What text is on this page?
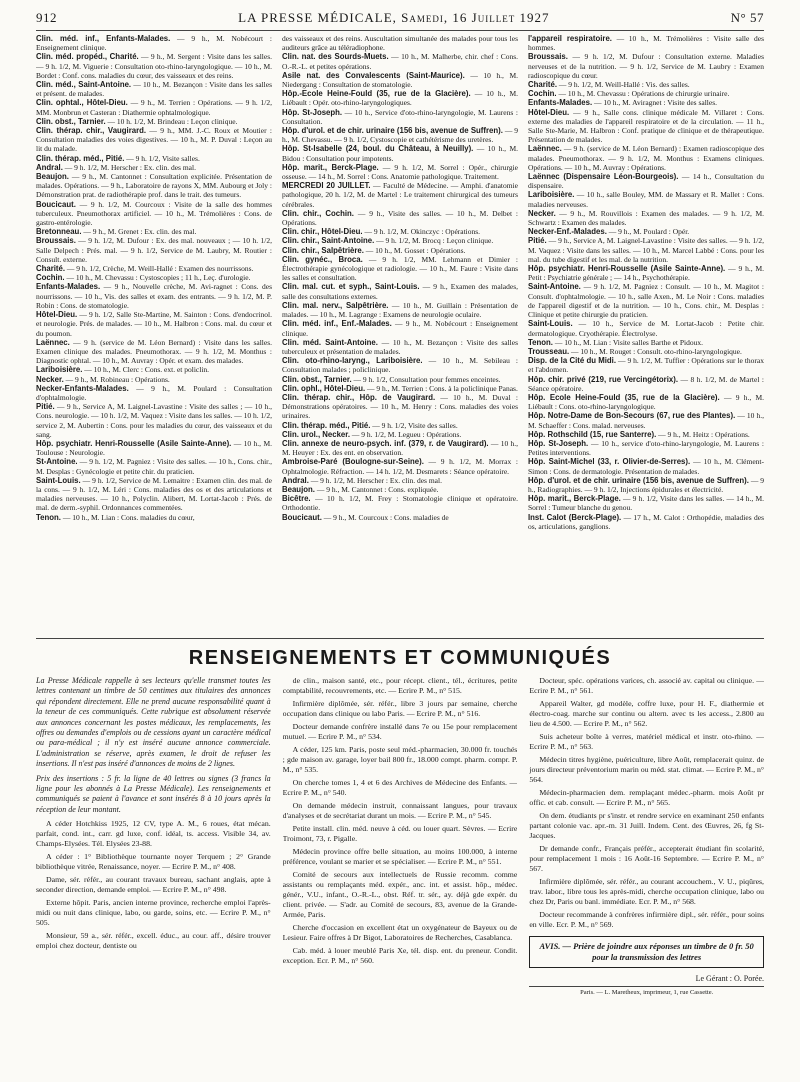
912	LA PRESSE MÉDICALE, Samedi, 16 Juillet 1927	N° 57

Clin. méd. inf., Enfants-Malades. — 9 h., M. Nobécourt : Enseignement clinique.

Clin. méd. propéd., Charité. — 9 h., M. Sergent : Visite dans les salles. — 9 h. 1/2, M. Viguerie : Consultation oto-rhino-laryngologique. — 10 h., M. Bordet : Conf. cons. maladies du cœur, des vaisseaux et des reins.

Clin. méd., Saint-Antoine. — 10 h., M. Bezançon : Visite dans les salles et présent. de malades.

Clin. ophtal., Hôtel-Dieu. — 9 h., M. Terrien : Opérations. — 9 h. 1/2, MM. Monbrun et Casteran : Diathermie ophtalmologique.

Clin. obst., Tarnier. — 10 h. 1/2, M. Brindeau : Leçon clinique.

Clin. thérap. chir., Vaugirard. — 9 h., MM. J.-C. Roux et Moutier : Consultation maladies des voies digestives. — 10 h., M. P. Duval : Leçon au lit du malade.

Clin. thérap. méd., Pitié. — 9 h. 1/2, Visite salles.

Andral. — 9 h. 1/2, M. Herscher : Ex. clin. des mal.

Beaujon. — 9 h., M. Cantonnet : Consultation explicitée. Présentation de malades. Opérations. — 9 h., Laboratoire de rayons X, MM. Aubourg et Joly : Démonstration prat. de radiothérapie prof. dans le trait. des tumeurs.

Boucicaut. — 9 h. 1/2, M. Courcoux : Visite de la salle des hommes tuberculeux. Pneumothorax artificiel. — 10 h., M. Trémolières : Cons. de gastro-entérologie.

Bretonneau. — 9 h., M. Grenet : Ex. clin. des mal.

Broussais. — 9 h. 1/2, M. Dufour : Ex. des mal. nouveaux ; — 10 h. 1/2, Salle Delpech : Prés. mal. — 9 h. 1/2, Service de M. Laubry, M. Routier : Consult. externe.

Charité. — 9 h. 1/2, Crèche, M. Weill-Hallé : Examen des nourrissons.

Cochin. — 10 h., M. Chevassu : Cystoscopies ; 11 h., Leç. d'urologie.

Enfants-Malades. — 9 h., Nouvelle crèche, M. Avi-ragnet : Cons. des nourrissons. — 10 h., Vis. des salles et exam. des entrants. — 9 h. 1/2, M. P. Robin : Cons. de stomatologie.

Hôtel-Dieu. — 9 h. 1/2, Salle Ste-Martine, M. Sainton : Cons. d'endocrinol. et neurologie. Prés. de malades. — 10 h., M. Halbron : Cons. mal. du cœur et du poumon.

Laënnec. — 9 h. (service de M. Léon Bernard) : Visite dans les salles. Examen clinique des malades. Pneumothorax. — 9 h. 1/2, M. Monthus : Diagnostic ophtal. — 10 h., M. Auvray : Opér. et exam. des malades.

Lariboisière. — 10 h., M. Clerc : Cons. ext. et policlin.

Necker. — 9 h., M. Robineau : Opérations.

Necker-Enfants-Malades. — 9 h., M. Poulard : Consultation d'ophtalmologie.

Pitié. — 9 h., Service A, M. Laignel-Lavastine : Visite des salles ; — 10 h., Cons. neurologie. — 10 h. 1/2, M. Vaquez : Visite dans les salles. — 10 h. 1/2, service 2, M. Aubertin : Cons. pour les maladies du cœur, des vaisseaux et du sang.

Hôp. psychiatr. Henri-Rousselle (Asile Sainte-Anne). — 10 h., M. Toulouse : Neurologie.

St-Antoine. — 9 h. 1/2, M. Pagniez : Visite des salles. — 10 h., Cons. chir., M. Desplas : Gynécologie et petite chir. du praticien.

Saint-Louis. — 9 h. 1/2, Service de M. Lemaitre : Examen clin. des mal. de la cons. — 9 h. 1/2, M. Léri : Cons. maladies des os et des articulations et maladies nerveuses. — 10 h., Polyclin. Alibert, M. Lortat-Jacob : Prés. de mal. de derm.-syphil. Ordonnances commentées.

Tenon. — 10 h., M. Lian : Cons. maladies du cœur,

des vaisseaux et des reins. Auscultation simultanée des malades pour tous les auditeurs grâce au téléradiophone.

Clin. nat. des Sourds-Muets. — 10 h., M. Malherbe, chir. chef : Cons. O.-R.-L. et petites opérations.

Asile nat. des Convalescents (Saint-Maurice). — 10 h., M. Niedergang : Consultation de stomatologie.

Hôp.-Ecole Heine-Fould (35, rue de la Glacière). — 10 h., M. Liébault : Opér. oto-rhino-laryngologiques.

Hôp. St-Joseph. — 10 h., Service d'oto-rhino-laryngologie, M. Laurens : Consultation.

Hôp. d'urol. et de chir. urinaire (156 bis, avenue de Suffren). — 9 h., M. Chevassu. — 9 h. 1/2, Cystoscopie et cathétérisme des uretères.

Hôp. St-Isabelle (24, boul. du Château, à Neuilly). — 10 h., M. Bidou : Consultation pour impotents.

Hôp. marit., Berck-Plage. — 9 h. 1/2, M. Sorrel : Opér., chirurgie osseuse. — 14 h., M. Sorrel : Cons. Anatomie pathologique. Traitement.

MERCREDI 20 JUILLET. — Faculté de Médecine. — Amphi. d'anatomie pathologique, 20 h. 1/2, M. de Martel : Le traitement chirurgical des tumeurs cérébrales.

Clin. chir., Cochin. — 9 h., Visite des salles. — 10 h., M. Delbet : Opérations.

Clin. chir., Hôtel-Dieu. — 9 h. 1/2, M. Okinczyc : Opérations.

Clin. chir., Saint-Antoine. — 9 h. 1/2, M. Brocq : Leçon clinique.

Clin. chir., Salpêtrière. — 10 h., M. Gosset : Opérations.

Clin. gynéc., Broca. — 9 h. 1/2, MM. Lehmann et Dimier : Électrothérapie gynécologique et radiologie. — 10 h., M. Faure : Visite dans les salles et consultation.

Clin. mal. cut. et syph., Saint-Louis. — 9 h., Examen des malades, salle des consultations externes.

Clin. mal. nerv., Salpêtrière. — 10 h., M. Guillain : Présentation de malades. — 10 h., M. Lagrange : Examens de neurologie oculaire.

Clin. méd. inf., Enf.-Malades. — 9 h., M. Nobécourt : Enseignement clinique.

Clin. méd. Saint-Antoine. — 10 h., M. Bezançon : Visite des salles tuberculeux et présentation de malades.

Clin. oto-rhino-laryng., Lariboisière. — 10 h., M. Sebileau : Consultation malades ; policlinique.

Clin. obst., Tarnier. — 9 h. 1/2, Consultation pour femmes enceintes.

Clin. ophl., Hôtel-Dieu. — 9 h., M. Terrien : Cons. à la policlinique Panas.

Clin. thérap. chir., Hôp. de Vaugirard. — 10 h., M. Duval : Démonstrations opératoires. — 10 h., M. Henry : Cons. maladies des voies urinaires.

Clin. thérap. méd., Pitié. — 9 h. 1/2, Visite des salles.

Clin. urol., Necker. — 9 h. 1/2, M. Legueu : Opérations.

Clin. annexe de neuro-psych. inf. (379, r. de Vaugirard). — 10 h., M. Heuyer : Ex. des ent. en observation.

Ambroise-Paré (Boulogne-sur-Seine). — 9 h. 1/2, M. Morrax : Ophtalmologie. Réfraction. — 14 h. 1/2, M. Desmarets : Séance opératoire.

Andral. — 9 h. 1/2, M. Herscher : Ex. clin. des mal.

Beaujon. — 9 h., M. Cantonnet : Cons. expliquée.

Bicêtre. — 10 h. 1/2, M. Frey : Stomatologie clinique et opératoire. Orthodontie.

Boucicaut. — 9 h., M. Courcoux : Cons. maladies de

l'appareil respiratoire. — 10 h., M. Trémolières : Visite salle des hommes.

Broussais. — 9 h. 1/2, M. Dufour : Consultation externe. Maladies nerveuses et de la nutrition. — 9 h. 1/2, Service de M. Laubry : Examen radioscopique du cœur.

Charité. — 9 h. 1/2, M. Weill-Hallé : Vis. des salles.

Cochin. — 10 h., M. Chevassu : Opérations de chirurgie urinaire.

Enfants-Malades. — 10 h., M. Aviragnet : Visite des salles.

Hôtel-Dieu. — 9 h., Salle cons. clinique médicale M. Villaret : Cons. externe des maladies de l'appareil respiratoire et de la circulation. — 11 h., Salle Ste-Marie, M. Halbron : Conf. pratique de clinique et de thérapeutique. Présentation de malades.

Laënnec. — 9 h. (service de M. Léon Bernard) : Examen radioscopique des malades. Pneumothorax. — 9 h. 1/2, M. Monthus : Examens cliniques. Opérations. — 10 h., M. Auvray : Opérations.

Laënnec (Dispensaire Léon-Bourgeois). — 14 h., Consultation du dispensaire.

Lariboisière. — 10 h., salle Bouley, MM. de Massary et R. Mallet : Cons. maladies nerveuses.

Necker. — 9 h., M. Rouvillois : Examen des malades. — 9 h. 1/2, M. Schwartz : Examen des malades.

Necker-Enf.-Malades. — 9 h., M. Poulard : Opér.

Pitié. — 9 h., Service A, M. Laignel-Lavastine : Visite des salles. — 9 h. 1/2, M. Vaquez : Visite dans les salles. — 10 h., M. Marcel Labbé : Cons. pour les mal. du tube digestif et les mal. de la nutrition.

Hôp. psychiatr. Henri-Rousselle (Asile Sainte-Anne). — 9 h., M. Petit : Psychiatrie générale ; — 14 h., Psychothérapie.

Saint-Antoine. — 9 h. 1/2, M. Pagniez : Consult. — 10 h., M. Magitot : Consult. d'ophtalmologie. — 10 h., salle Axen., M. Le Noir : Cons. maladies de l'appareil digestif et de la nutrition. — 10 h., Cons. chir., M. Desplas : Clinique et petite chirurgie du praticien.

Saint-Louis. — 10 h., Service de M. Lortat-Jacob : Petite chir. dermatologique. Cryothérapie. Électrolyse.

Tenon. — 10 h., M. Lian : Visite salles Barthe et Pidoux.

Trousseau. — 10 h., M. Rouget : Consult. oto-rhino-laryngologique.

Disp. de la Cité du Midi. — 9 h. 1/2, M. Tuffier : Opérations sur le thorax et l'abdomen.

Hôp. chir. privé (219, rue Vercingétorix). — 8 h. 1/2, M. de Martel : Séance opératoire.

Hôp. Ecole Heine-Fould (35, rue de la Glacière). — 9 h., M. Liébault : Cons. oto-rhino-laryngologique.

Hôp. Notre-Dame de Bon-Secours (67, rue des Plantes). — 10 h., M. Schaeffer : Cons. malad. nerveuses.

Hôp. Rothschild (15, rue Santerre). — 9 h., M. Heitz : Opérations.

Hôp. St-Joseph. — 10 h., service d'oto-rhino-laryngologie, M. Laurens : Petites interventions.

Hôp. Saint-Michel (33, r. Olivier-de-Serres). — 10 h., M. Clément-Simon : Cons. de dermatologie. Présentation de malades.

Hôp. d'urol. et de chir. urinaire (156 bis, avenue de Suffren). — 9 h., Radiographies. — 9 h. 1/2, Injections épidurales et électricité.

Hôp. marit., Berck-Plage. — 9 h. 1/2, Visite dans les salles. — 14 h., M. Sorrel : Tumeur blanche du genou.

Inst. Calot (Berck-Plage). — 17 h., M. Calot : Orthopédie, maladies des os, articulations, ganglions.

RENSEIGNEMENTS ET COMMUNIQUÉS

La Presse Médicale rappelle à ses lecteurs qu'elle transmet toutes les lettres contenant un timbre de 50 centimes aux titulaires des annonces qui répondent directement. Elle ne prend aucune responsabilité quant à la teneur de ces communiqués. Cette rubrique est absolument réservée aux annonces concernant les postes médicaux, les remplacements, les offres ou demandes d'emplois ou de cessions ayant un caractère médical ou para-médical ; il n'y est inséré aucune annonce commerciale. L'administration se réserve, après examen, le droit de refuser les insertions. Il n'est pas inséré d'annonces de moins de 2 lignes.

Prix des insertions : 5 fr. la ligne de 40 lettres ou signes (3 francs la ligne pour les abonnés à La Presse Médicale). Les renseignements et communiqués se paient à l'avance et sont insérés 8 à 10 jours après la réception de leur montant.

A céder Hotchkiss 1925, 12 CV, type A. M., 6 roues, état mécan. parfait, cond. int., carr. gd luxe, conf. idéal, ts. access. Visible 34, av. Champs-Elysées. Tél. Elysées 23-88.

A céder : 1° Bibliothèque tournante noyer Terquem ; 2° Grande bibliothèque vitrée, Renaissance, noyer. — Ecrire P. M., n° 408.

Dame, sér. référ., au courant travaux bureau, sachant anglais, apte à seconder direction, demande emploi. — Ecrire P. M., n° 498.

Externe hôpit. Paris, ancien interne province, recherche emploi l'après-midi ou nuit dans clinique, labo, ou garde, soins, etc. — Ecrire P. M., n° 505.

Monsieur, 59 a., sér. référ., excell. éduc., au cour. aff., désire trouver emploi chez docteur, dentiste ou

de clin., maison santé, etc., pour récept. client., tél., écritures, petite comptabilité, recouvrements, etc. — Ecrire P. M., n° 515.

Infirmière diplômée, sér. référ., libre 3 jours par semaine, cherche occupation dans clinique ou labo Paris. — Ecrire P. M., n° 516.

Docteur demande confrère installé dans 7e ou 15e pour remplacement mutuel. — Ecrire P. M., n° 534.

A céder, 125 km. Paris, poste seul méd.-pharmacien, 30.000 fr. touchés ; gde maison av. garage, loyer bail 800 fr., 18.000 compt. pharm. compr. P. M., n° 535.

On cherche tomes 1, 4 et 6 des Archives de Médecine des Enfants. — Ecrire P. M., n° 540.

On demande médecin instruit, connaissant langues, pour travaux d'analyses et de secrétariat durant un mois. — Ecrire P. M., n° 545.

Petite install. clin. méd. neuve à céd. ou louer quart. Sèvres. — Ecrire Troimont, 73, r. Pigalle.

Médecin province offre belle situation, au moins 100.000, à interne préférence, voulant se marier et se spécialiser. — Ecrire P. M., n° 551.

Comité de secours aux intellectuels de Russie recomm. comme assistants ou remplaçants méd. expér., anc. int. et assist. hôp., médec. génér., V.U., infant., O.-R.-L., obst. Réf. tr. sér., ay. déjà gde expér. du client. privée. — S'adr. au Comité de secours, 83, avenue de la Grande-Armée, Paris.

Cherche d'occasion en excellent état un oxygénateur de Bayeux ou de Lesieur. Faire offres à Dr Bigot, Laboratoires de Recherches, Casablanca.

Cab. méd. à louer meublé Paris Xe, tél. disp. ent. du preneur. Condit. exception. Ecr. P. M., n° 560.

Docteur, spéc. opérations varices, ch. associé av. capital ou clinique. — Ecrire P. M., n° 561.

Appareil Walter, gd modèle, coffre luxe, pour H. F., diathermie et électro-coag. marche sur continu ou altern. avec ts les access., 2.800 au lieu de 4.500. — Ecrire P. M., n° 562.

Suis acheteur boîte à verres, matériel médical et instr. oto-rhino. — Ecrire P. M., n° 563.

Médecin titres hygiène, puériculture, libre Août, remplacerait quinz. de jours directeur préventorium marin ou méd. stat. climat. — Ecrire P. M., n° 564.

Médecin-pharmacien dem. remplaçant médec.-pharm. mois Août pr offic. et cab. consult. — Ecrire P. M., n° 565.

On dem. étudiants pr s'instr. et rendre service en examinant 250 enfants partant colonie vac. apr.-m. 31 Juill. Indem. Cent. des Œuvres, 26, fg St-Jacques.

Dr demande confr., Français préfér., accepterait étudiant fin scolarité, pour remplacement 1 mois : 16 Août-16 Septembre. — Ecrire P. M., n° 567.

Infirmière diplômée, sér. référ., au courant accouchem., V. U., piqûres, trav. labor., libre tous les après-midi, cherche occupation clinique, labo ou chez Dr, Paris ou banl. immédiate. Ecr. P. M., n° 568.

Docteur recommande à confrères infirmière dipl., sér. référ., pour soins en ville. Ecr. P. M., n° 569.

AVIS. — Prière de joindre aux réponses un timbre de 0 fr. 50 pour la transmission des lettres
Le Gérant : O. Porée.
Paris. — L. Maretheux, imprimeur, 1, rue Cassette.
